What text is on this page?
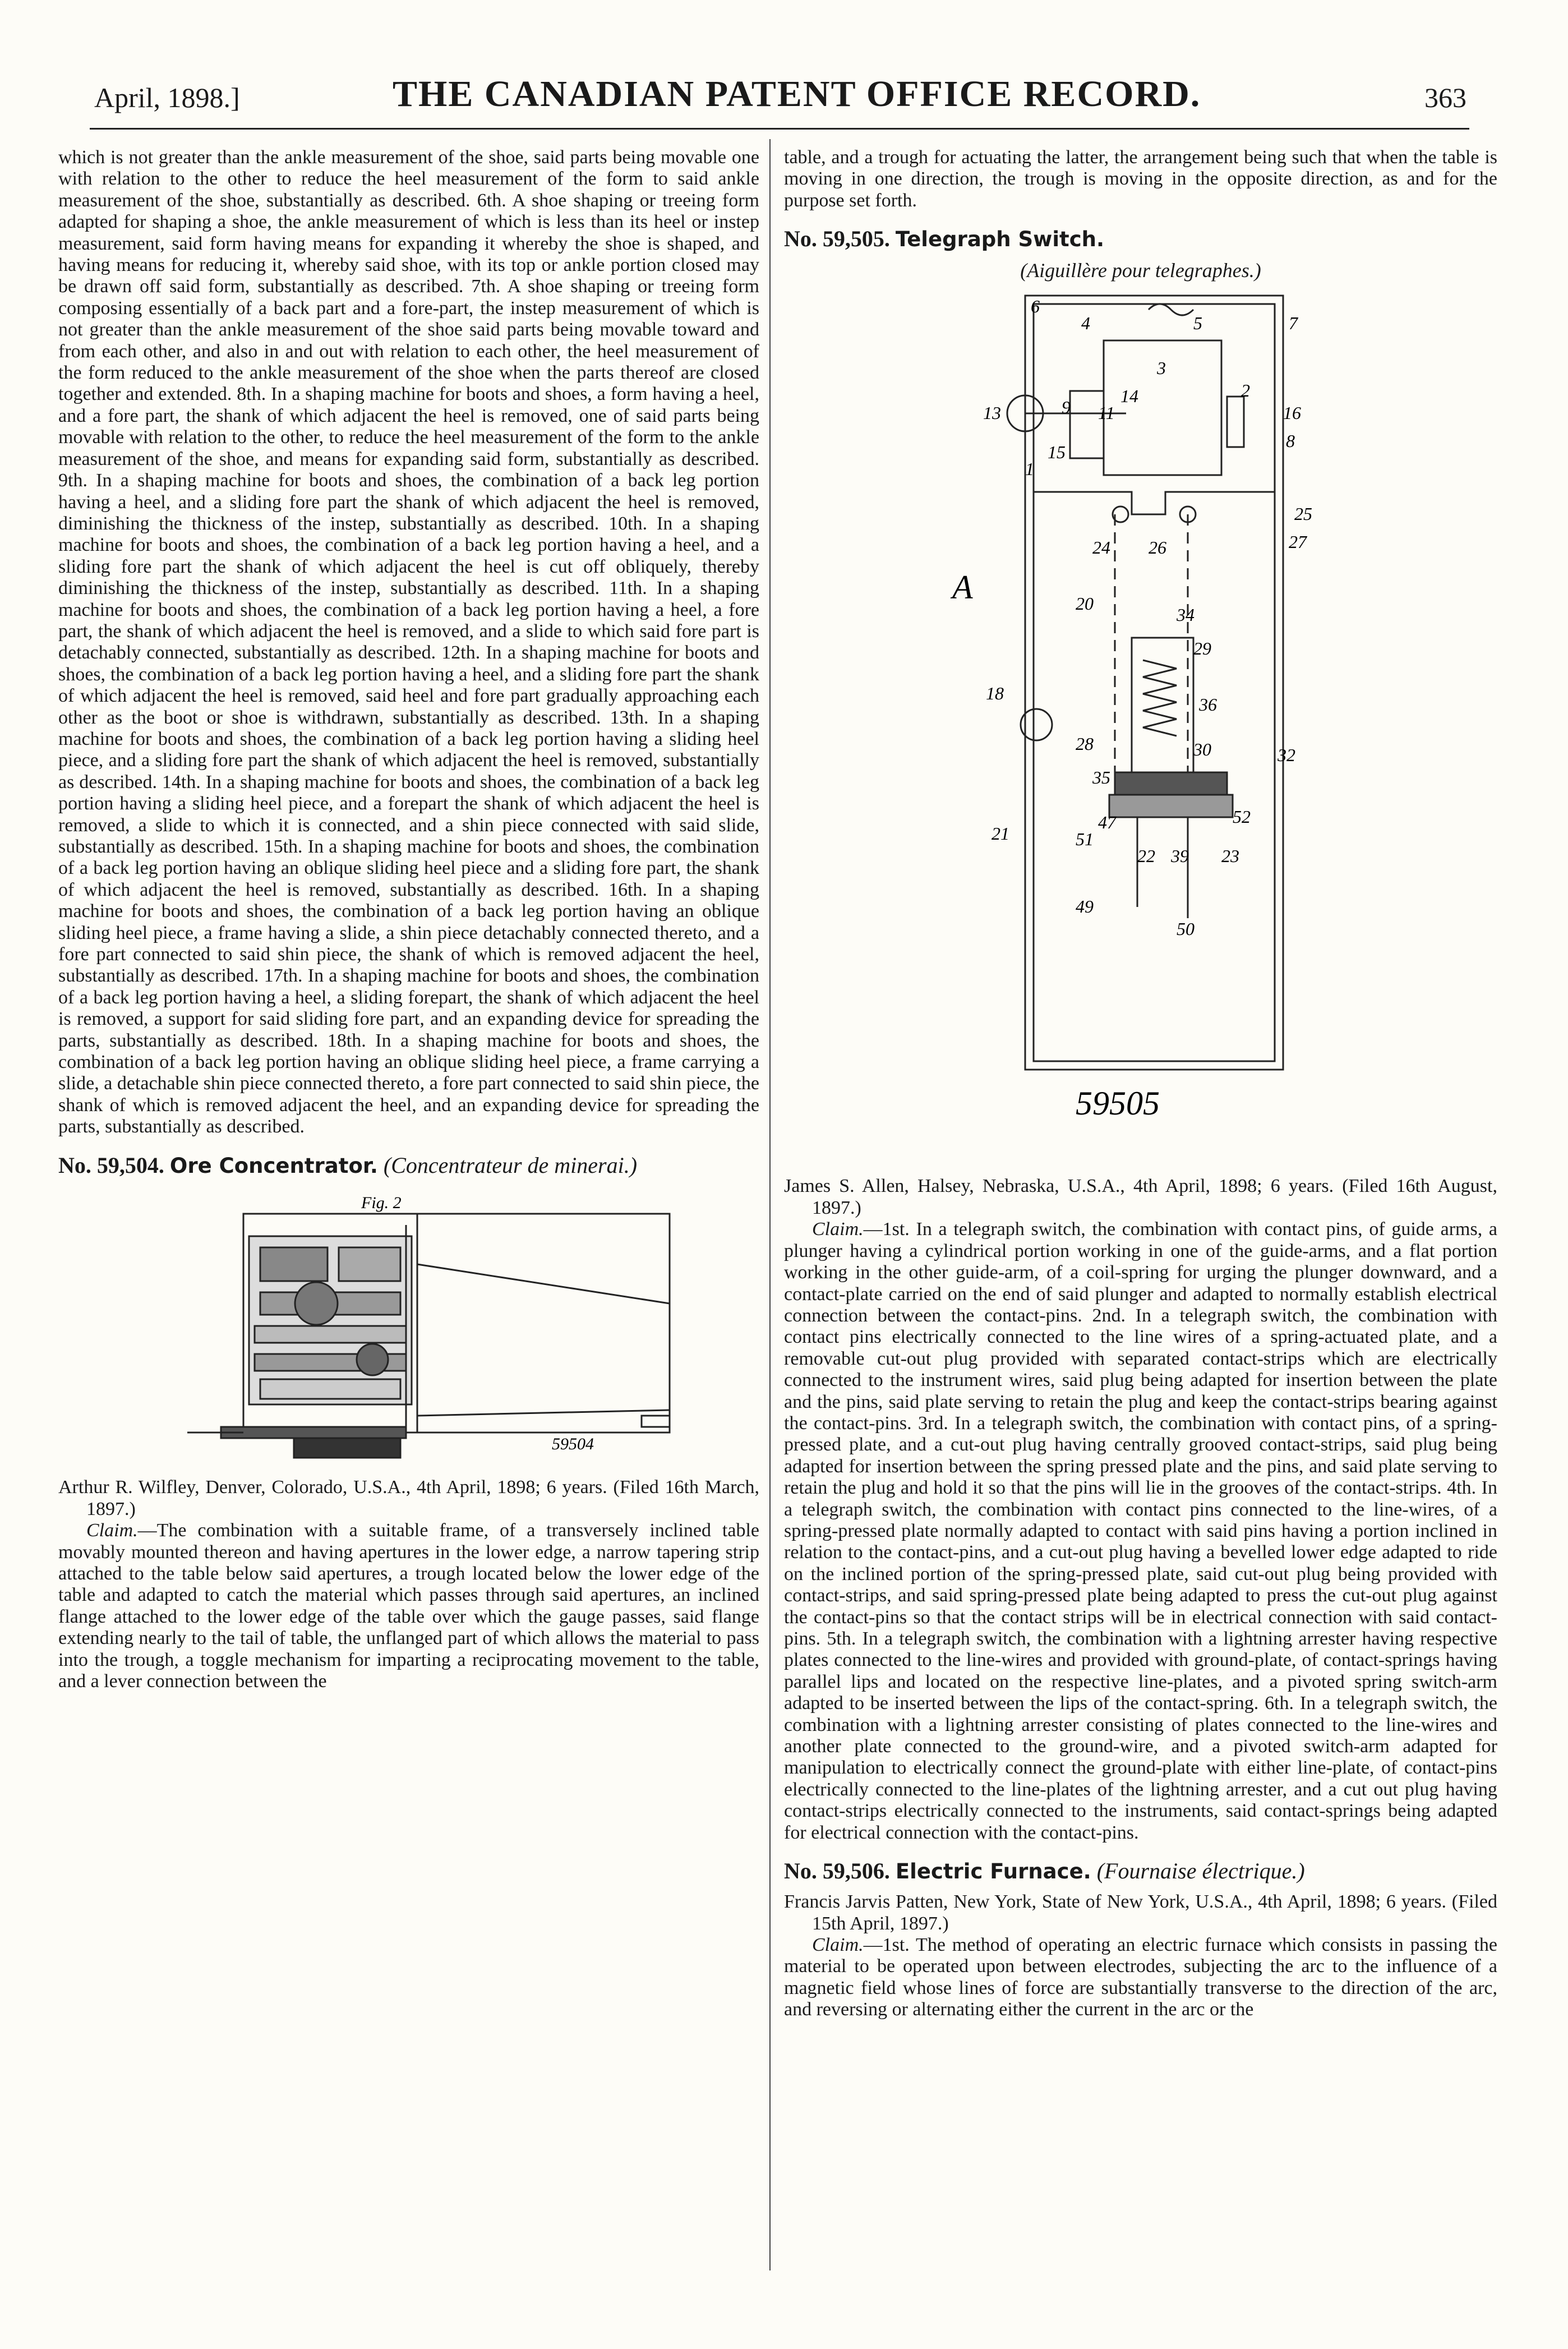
April, 1898.]	THE CANADIAN PATENT OFFICE RECORD.	363

which is not greater than the ankle measurement of the shoe, said parts being movable one with relation to the other to reduce the heel measurement of the form to said ankle measurement of the shoe, substantially as described. 6th. A shoe shaping or treeing form adapted for shaping a shoe, the ankle measurement of which is less than its heel or instep measurement, said form having means for expanding it whereby the shoe is shaped, and having means for reducing it, whereby said shoe, with its top or ankle portion closed may be drawn off said form, substantially as described. 7th. A shoe shaping or treeing form composing essentially of a back part and a fore-part, the instep measurement of which is not greater than the ankle measurement of the shoe said parts being movable toward and from each other, and also in and out with relation to each other, the heel measurement of the form reduced to the ankle measurement of the shoe when the parts thereof are closed together and extended. 8th. In a shaping machine for boots and shoes, a form having a heel, and a fore part, the shank of which adjacent the heel is removed, one of said parts being movable with relation to the other, to reduce the heel measurement of the form to the ankle measurement of the shoe, and means for expanding said form, substantially as described. 9th. In a shaping machine for boots and shoes, the combination of a back leg portion having a heel, and a sliding fore part the shank of which adjacent the heel is removed, diminishing the thickness of the instep, substantially as described. 10th. In a shaping machine for boots and shoes, the combination of a back leg portion having a heel, and a sliding fore part the shank of which adjacent the heel is cut off obliquely, thereby diminishing the thickness of the instep, substantially as described. 11th. In a shaping machine for boots and shoes, the combination of a back leg portion having a heel, a fore part, the shank of which adjacent the heel is removed, and a slide to which said fore part is detachably connected, substantially as described. 12th. In a shaping machine for boots and shoes, the combination of a back leg portion having a heel, and a sliding fore part the shank of which adjacent the heel is removed, said heel and fore part gradually approaching each other as the boot or shoe is withdrawn, substantially as described. 13th. In a shaping machine for boots and shoes, the combination of a back leg portion having a sliding heel piece, and a sliding fore part the shank of which adjacent the heel is removed, substantially as described. 14th. In a shaping machine for boots and shoes, the combination of a back leg portion having a sliding heel piece, and a forepart the shank of which adjacent the heel is removed, a slide to which it is connected, and a shin piece connected with said slide, substantially as described. 15th. In a shaping machine for boots and shoes, the combination of a back leg portion having an oblique sliding heel piece and a sliding fore part, the shank of which adjacent the heel is removed, substantially as described. 16th. In a shaping machine for boots and shoes, the combination of a back leg portion having an oblique sliding heel piece, a frame having a slide, a shin piece detachably connected thereto, and a fore part connected to said shin piece, the shank of which is removed adjacent the heel, substantially as described. 17th. In a shaping machine for boots and shoes, the combination of a back leg portion having a heel, a sliding forepart, the shank of which adjacent the heel is removed, a support for said sliding fore part, and an expanding device for spreading the parts, substantially as described. 18th. In a shaping machine for boots and shoes, the combination of a back leg portion having an oblique sliding heel piece, a frame carrying a slide, a detachable shin piece connected thereto, a fore part connected to said shin piece, the shank of which is removed adjacent the heel, and an expanding device for spreading the parts, substantially as described.

No. 59,504. Ore Concentrator. (Concentrateur de minerai.)

Fig. 2
59504

Arthur R. Wilfley, Denver, Colorado, U.S.A., 4th April, 1898; 6 years. (Filed 16th March, 1897.)

Claim.—The combination with a suitable frame, of a transversely inclined table movably mounted thereon and having apertures in the lower edge, a narrow tapering strip attached to the table below said apertures, a trough located below the lower edge of the table and adapted to catch the material which passes through said apertures, an inclined flange attached to the lower edge of the table over which the gauge passes, said flange extending nearly to the tail of table, the unflanged part of which allows the material to pass into the trough, a toggle mechanism for imparting a reciprocating movement to the table, and a lever connection between the

table, and a trough for actuating the latter, the arrangement being such that when the table is moving in one direction, the trough is moving in the opposite direction, as and for the purpose set forth.

No. 59,505. Telegraph Switch.

(Aiguillère pour telegraphes.)

59505
6
4	5	7
3
2
16
13	9 11
14
8
15
1
25
24 26	27
A	20
34
29
18
36
28	30	32
35
47	52
21	51
22 39 23
49
50

James S. Allen, Halsey, Nebraska, U.S.A., 4th April, 1898; 6 years. (Filed 16th August, 1897.)

Claim.—1st. In a telegraph switch, the combination with contact pins, of guide arms, a plunger having a cylindrical portion working in one of the guide-arms, and a flat portion working in the other guide-arm, of a coil-spring for urging the plunger downward, and a contact-plate carried on the end of said plunger and adapted to normally establish electrical connection between the contact-pins. 2nd. In a telegraph switch, the combination with contact pins electrically connected to the line wires of a spring-actuated plate, and a removable cut-out plug provided with separated contact-strips which are electrically connected to the instrument wires, said plug being adapted for insertion between the plate and the pins, said plate serving to retain the plug and keep the contact-strips bearing against the contact-pins. 3rd. In a telegraph switch, the combination with contact pins, of a spring-pressed plate, and a cut-out plug having centrally grooved contact-strips, said plug being adapted for insertion between the spring pressed plate and the pins, and said plate serving to retain the plug and hold it so that the pins will lie in the grooves of the contact-strips. 4th. In a telegraph switch, the combination with contact pins connected to the line-wires, of a spring-pressed plate normally adapted to contact with said pins having a portion inclined in relation to the contact-pins, and a cut-out plug having a bevelled lower edge adapted to ride on the inclined portion of the spring-pressed plate, said cut-out plug being provided with contact-strips, and said spring-pressed plate being adapted to press the cut-out plug against the contact-pins so that the contact strips will be in electrical connection with said contact-pins. 5th. In a telegraph switch, the combination with a lightning arrester having respective plates connected to the line-wires and provided with ground-plate, of contact-springs having parallel lips and located on the respective line-plates, and a pivoted spring switch-arm adapted to be inserted between the lips of the contact-spring. 6th. In a telegraph switch, the combination with a lightning arrester consisting of plates connected to the line-wires and another plate connected to the ground-wire, and a pivoted switch-arm adapted for manipulation to electrically connect the ground-plate with either line-plate, of contact-pins electrically connected to the line-plates of the lightning arrester, and a cut out plug having contact-strips electrically connected to the instruments, said contact-springs being adapted for electrical connection with the contact-pins.

No. 59,506. Electric Furnace. (Fournaise électrique.)

Francis Jarvis Patten, New York, State of New York, U.S.A., 4th April, 1898; 6 years. (Filed 15th April, 1897.)

Claim.—1st. The method of operating an electric furnace which consists in passing the material to be operated upon between electrodes, subjecting the arc to the influence of a magnetic field whose lines of force are substantially transverse to the direction of the arc, and reversing or alternating either the current in the arc or the
